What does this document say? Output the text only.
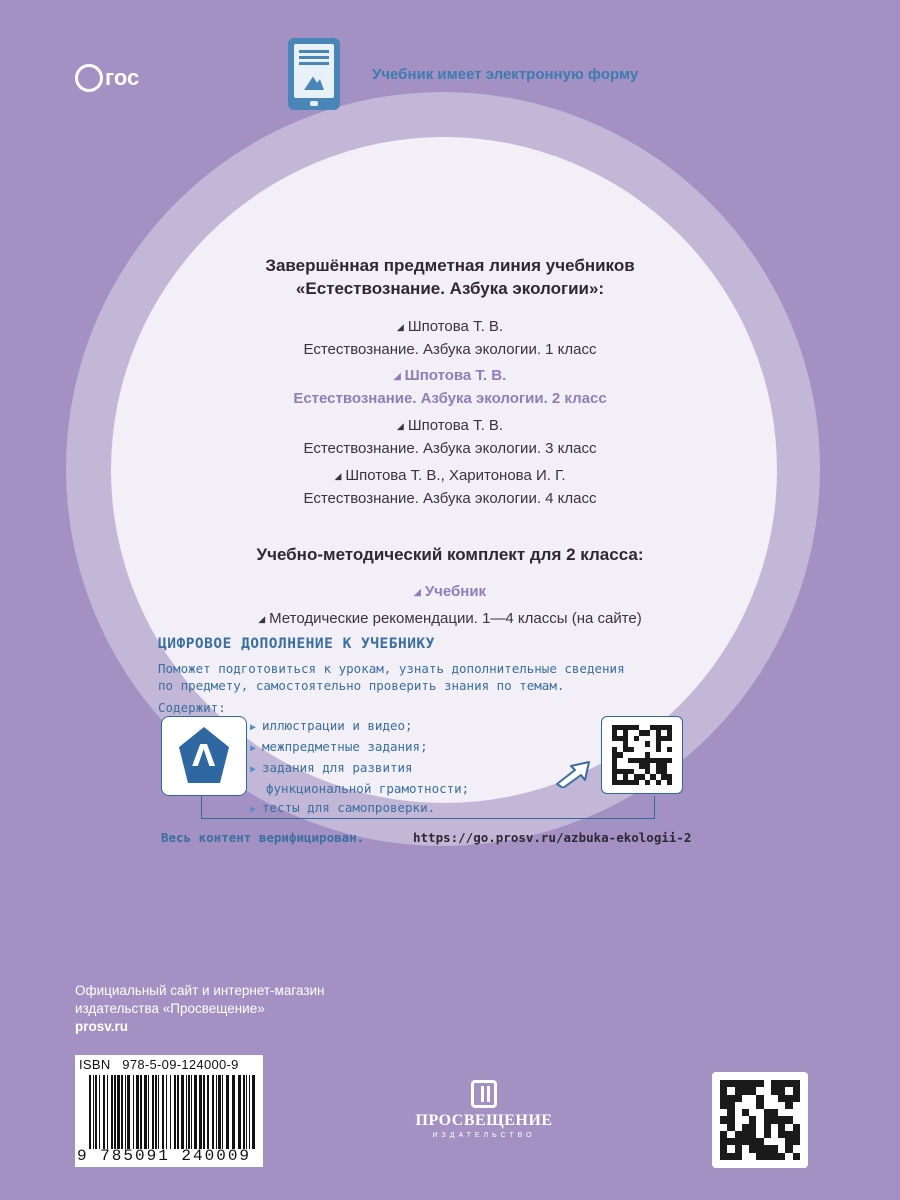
гос	Учебник имеет электронную форму
Завершённая предметная линия учебников
«Естествознание. Азбука экологии»:
◢ Шпотова Т. В.
Естествознание. Азбука экологии. 1 класс
◢ Шпотова Т. В.
Естествознание. Азбука экологии. 2 класс
◢ Шпотова Т. В.
Естествознание. Азбука экологии. 3 класс
◢ Шпотова Т. В., Харитонова И. Г.
Естествознание. Азбука экологии. 4 класс
Учебно-методический комплект для 2 класса:
◢ Учебник
◢ Методические рекомендации. 1—4 классы (на сайте)
ЦИФРОВОЕ ДОПОЛНЕНИЕ К УЧЕБНИКУ
Поможет подготовиться к урокам, узнать дополнительные сведения
по предмету, самостоятельно проверить знания по темам.
Содержит:
Λ
▶ иллюстрации и видео;
▶ межпредметные задания;
▶ задания для развития
функциональной грамотности;
▶ тесты для самопроверки.
Весь контент верифицирован.	https://go.prosv.ru/azbuka-ekologii-2
Официальный сайт и интернет-магазин
издательства «Просвещение»
prosv.ru
ISBN 978-5-09-124000-9
9 785091 240009
ПРОСВЕЩЕНИЕ
ИЗДАТЕЛЬСТВО
